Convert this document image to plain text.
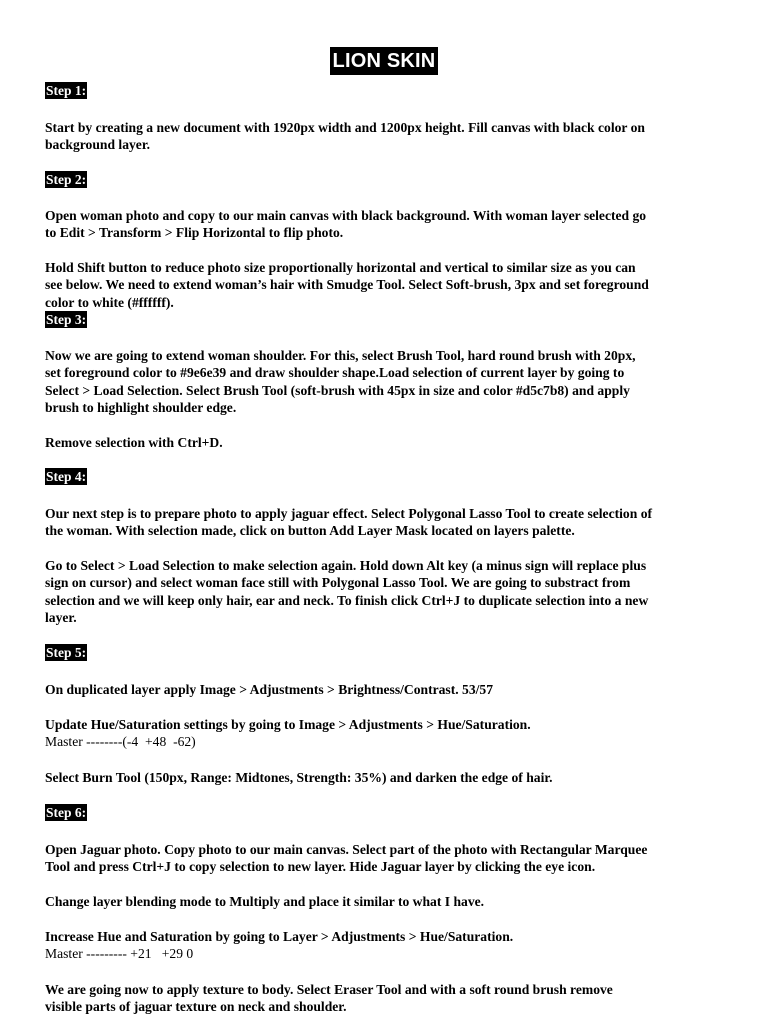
LION SKIN
Step 1:
Start by creating a new document with 1920px width and 1200px height. Fill canvas with black color on
background layer.
Step 2:
Open woman photo and copy to our main canvas with black background. With woman layer selected go
to Edit > Transform > Flip Horizontal to flip photo.
Hold Shift button to reduce photo size proportionally horizontal and vertical to similar size as you can
see below. We need to extend woman’s hair with Smudge Tool. Select Soft-brush, 3px and set foreground
color to white (#ffffff).
Step 3:
Now we are going to extend woman shoulder. For this, select Brush Tool, hard round brush with 20px,
set foreground color to #9e6e39 and draw shoulder shape.Load selection of current layer by going to
Select > Load Selection. Select Brush Tool (soft-brush with 45px in size and color #d5c7b8) and apply
brush to highlight shoulder edge.
Remove selection with Ctrl+D.
Step 4:
Our next step is to prepare photo to apply jaguar effect. Select Polygonal Lasso Tool to create selection of
the woman. With selection made, click on button Add Layer Mask located on layers palette.
Go to Select > Load Selection to make selection again. Hold down Alt key (a minus sign will replace plus
sign on cursor) and select woman face still with Polygonal Lasso Tool. We are going to substract from
selection and we will keep only hair, ear and neck. To finish click Ctrl+J to duplicate selection into a new
layer.
Step 5:
On duplicated layer apply Image > Adjustments > Brightness/Contrast. 53/57
Update Hue/Saturation settings by going to Image > Adjustments > Hue/Saturation.
Master --------(-4  +48  -62)
Select Burn Tool (150px, Range: Midtones, Strength: 35%) and darken the edge of hair.
Step 6:
Open Jaguar photo. Copy photo to our main canvas. Select part of the photo with Rectangular Marquee
Tool and press Ctrl+J to copy selection to new layer. Hide Jaguar layer by clicking the eye icon.
Change layer blending mode to Multiply and place it similar to what I have.
Increase Hue and Saturation by going to Layer > Adjustments > Hue/Saturation.
Master --------- +21   +29 0
We are going now to apply texture to body. Select Eraser Tool and with a soft round brush remove
visible parts of jaguar texture on neck and shoulder.
